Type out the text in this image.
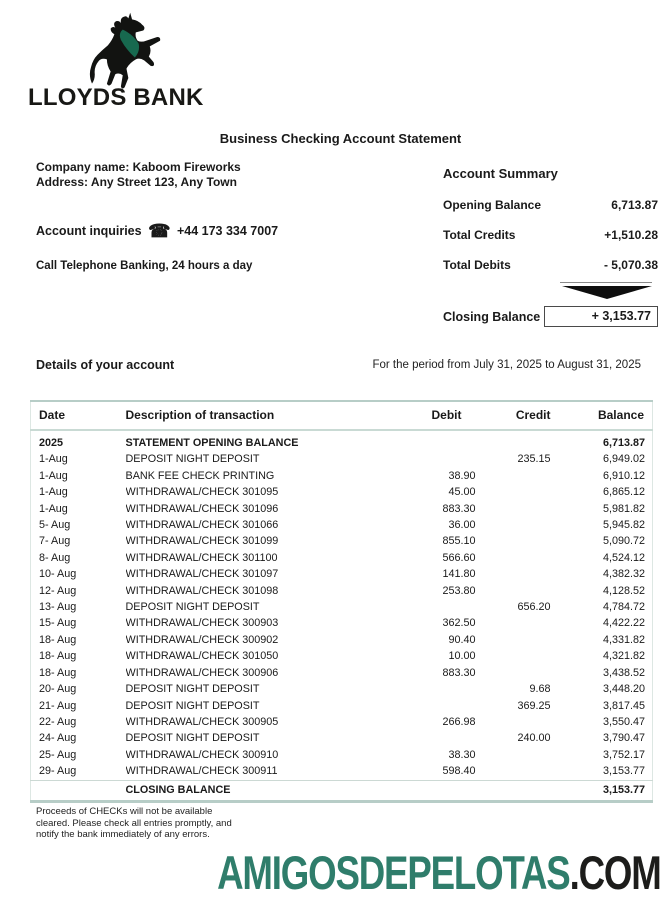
LLOYDS BANK
Business Checking Account Statement
Company name: Kaboom Fireworks
Address: Any Street 123, Any Town
Account inquiries ☎ +44 173 334 7007
Call Telephone Banking, 24 hours a day
Account Summary
Opening Balance	6,713.87
Total Credits	+1,510.28
Total Debits	- 5,070.38
Closing Balance	+ 3,153.77
Details of your account	For the period from July 31, 2025 to August 31, 2025
Date	Description of transaction	Debit	Credit	Balance
2025	STATEMENT OPENING BALANCE			6,713.87
1-Aug	DEPOSIT NIGHT DEPOSIT		235.15	6,949.02
1-Aug	BANK FEE CHECK PRINTING	38.90		6,910.12
1-Aug	WITHDRAWAL/CHECK 301095	45.00		6,865.12
1-Aug	WITHDRAWAL/CHECK 301096	883.30		5,981.82
5- Aug	WITHDRAWAL/CHECK 301066	36.00		5,945.82
7- Aug	WITHDRAWAL/CHECK 301099	855.10		5,090.72
8- Aug	WITHDRAWAL/CHECK 301100	566.60		4,524.12
10- Aug	WITHDRAWAL/CHECK 301097	141.80		4,382.32
12- Aug	WITHDRAWAL/CHECK 301098	253.80		4,128.52
13- Aug	DEPOSIT NIGHT DEPOSIT		656.20	4,784.72
15- Aug	WITHDRAWAL/CHECK 300903	362.50		4,422.22
18- Aug	WITHDRAWAL/CHECK 300902	90.40		4,331.82
18- Aug	WITHDRAWAL/CHECK 301050	10.00		4,321.82
18- Aug	WITHDRAWAL/CHECK 300906	883.30		3,438.52
20- Aug	DEPOSIT NIGHT DEPOSIT		9.68	3,448.20
21- Aug	DEPOSIT NIGHT DEPOSIT		369.25	3,817.45
22- Aug	WITHDRAWAL/CHECK 300905	266.98		3,550.47
24- Aug	DEPOSIT NIGHT DEPOSIT		240.00	3,790.47
25- Aug	WITHDRAWAL/CHECK 300910	38.30		3,752.17
29- Aug	WITHDRAWAL/CHECK 300911	598.40		3,153.77
	CLOSING BALANCE			3,153.77
Proceeds of CHECKs will not be available
cleared. Please check all entries promptly, and
notify the bank immediately of any errors.
AMIGOSDEPELOTAS.COM
